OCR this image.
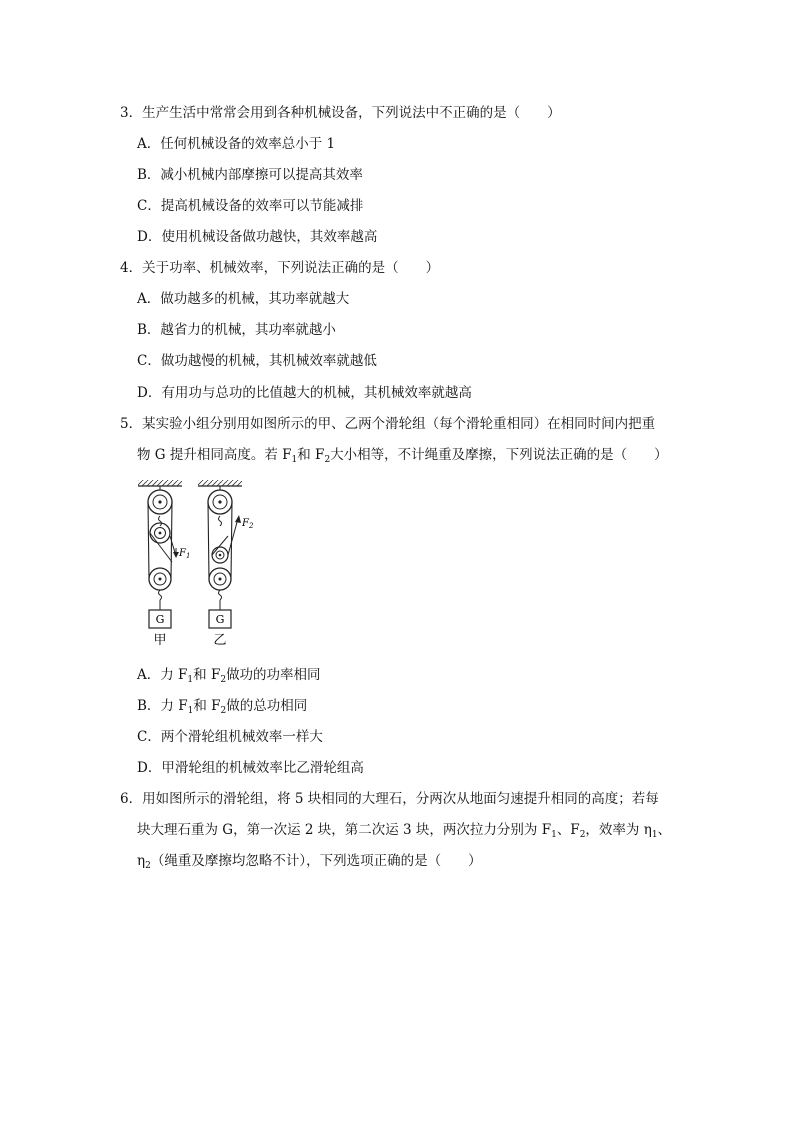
3．生产生活中常常会用到各种机械设备，下列说法中不正确的是（　　）
A．任何机械设备的效率总小于 1
B．减小机械内部摩擦可以提高其效率
C．提高机械设备的效率可以节能减排
D．使用机械设备做功越快，其效率越高
4．关于功率、机械效率，下列说法正确的是（　　）
A．做功越多的机械，其功率就越大
B．越省力的机械，其功率就越小
C．做功越慢的机械，其机械效率就越低
D．有用功与总功的比值越大的机械，其机械效率就越高
5．某实验小组分别用如图所示的甲、乙两个滑轮组（每个滑轮重相同）在相同时间内把重
物 G 提升相同高度。若 $F_1$和 $F_2$大小相等，不计绳重及摩擦，下列说法正确的是（　　）
$F_1$
G
甲
$F_2$
G
乙
A．力 $F_1$和 $F_2$做功的功率相同
B．力 $F_1$和 $F_2$做的总功相同
C．两个滑轮组机械效率一样大
D．甲滑轮组的机械效率比乙滑轮组高
6．用如图所示的滑轮组，将 5 块相同的大理石，分两次从地面匀速提升相同的高度；若每
块大理石重为 G，第一次运 2 块，第二次运 3 块，两次拉力分别为 $F_1$、$F_2$，效率为 $\eta_1$、
$\eta_2$（绳重及摩擦均忽略不计），下列选项正确的是（　　）
